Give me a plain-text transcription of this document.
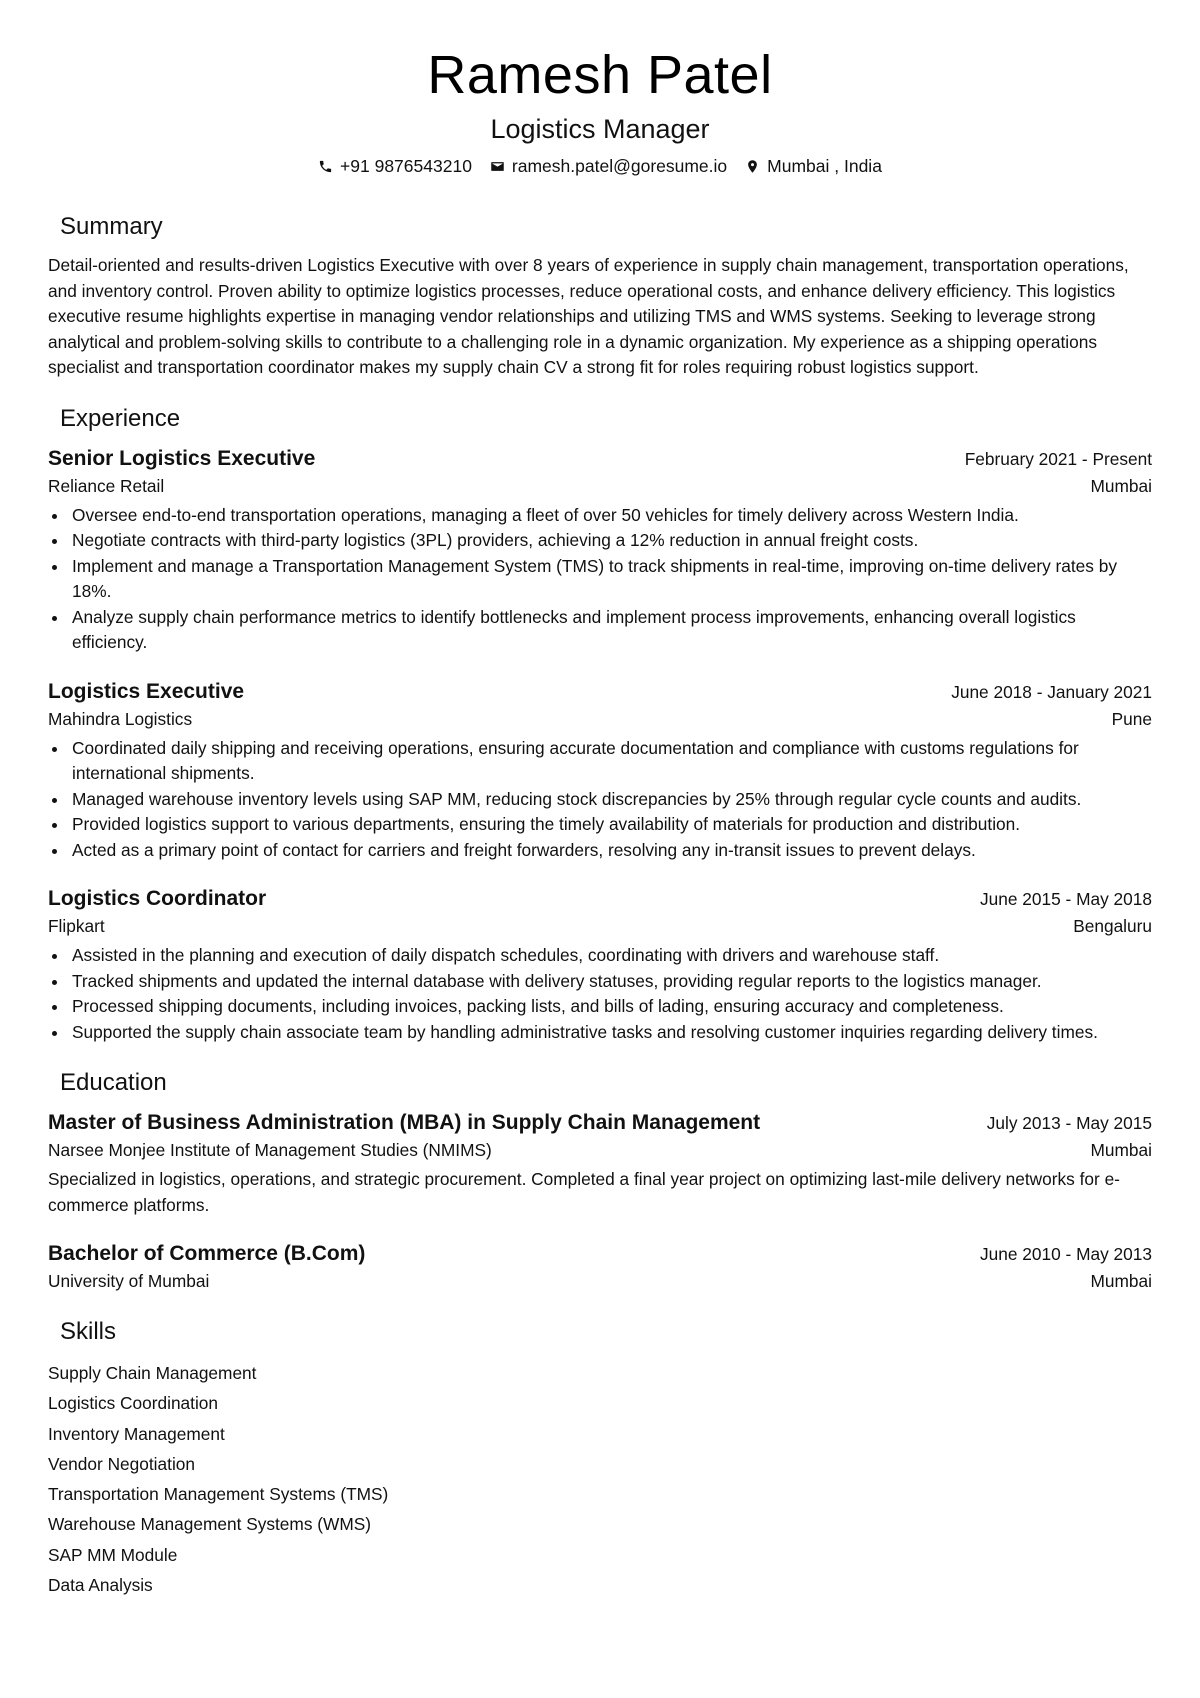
Ramesh Patel
Logistics Manager
+91 9876543210 ramesh.patel@goresume.io Mumbai , India
Summary

Detail-oriented and results-driven Logistics Executive with over 8 years of experience in supply chain management, transportation operations, and inventory control. Proven ability to optimize logistics processes, reduce operational costs, and enhance delivery efficiency. This logistics executive resume highlights expertise in managing vendor relationships and utilizing TMS and WMS systems. Seeking to leverage strong analytical and problem-solving skills to contribute to a challenging role in a dynamic organization. My experience as a shipping operations specialist and transportation coordinator makes my supply chain CV a strong fit for roles requiring robust logistics support.

Experience
Senior Logistics Executive	February 2021 - Present
Reliance Retail	Mumbai
Oversee end-to-end transportation operations, managing a fleet of over 50 vehicles for timely delivery across Western India.
Negotiate contracts with third-party logistics (3PL) providers, achieving a 12% reduction in annual freight costs.
Implement and manage a Transportation Management System (TMS) to track shipments in real-time, improving on-time delivery rates by 18%.
Analyze supply chain performance metrics to identify bottlenecks and implement process improvements, enhancing overall logistics efficiency.
Logistics Executive	June 2018 - January 2021
Mahindra Logistics	Pune
Coordinated daily shipping and receiving operations, ensuring accurate documentation and compliance with customs regulations for international shipments.
Managed warehouse inventory levels using SAP MM, reducing stock discrepancies by 25% through regular cycle counts and audits.
Provided logistics support to various departments, ensuring the timely availability of materials for production and distribution.
Acted as a primary point of contact for carriers and freight forwarders, resolving any in-transit issues to prevent delays.
Logistics Coordinator	June 2015 - May 2018
Flipkart	Bengaluru
Assisted in the planning and execution of daily dispatch schedules, coordinating with drivers and warehouse staff.
Tracked shipments and updated the internal database with delivery statuses, providing regular reports to the logistics manager.
Processed shipping documents, including invoices, packing lists, and bills of lading, ensuring accuracy and completeness.
Supported the supply chain associate team by handling administrative tasks and resolving customer inquiries regarding delivery times.
Education
Master of Business Administration (MBA) in Supply Chain Management	July 2013 - May 2015
Narsee Monjee Institute of Management Studies (NMIMS)	Mumbai

Specialized in logistics, operations, and strategic procurement. Completed a final year project on optimizing last-mile delivery networks for e-commerce platforms.

Bachelor of Commerce (B.Com)	June 2010 - May 2013
University of Mumbai	Mumbai
Skills
Supply Chain Management
Logistics Coordination
Inventory Management
Vendor Negotiation
Transportation Management Systems (TMS)
Warehouse Management Systems (WMS)
SAP MM Module
Data Analysis
